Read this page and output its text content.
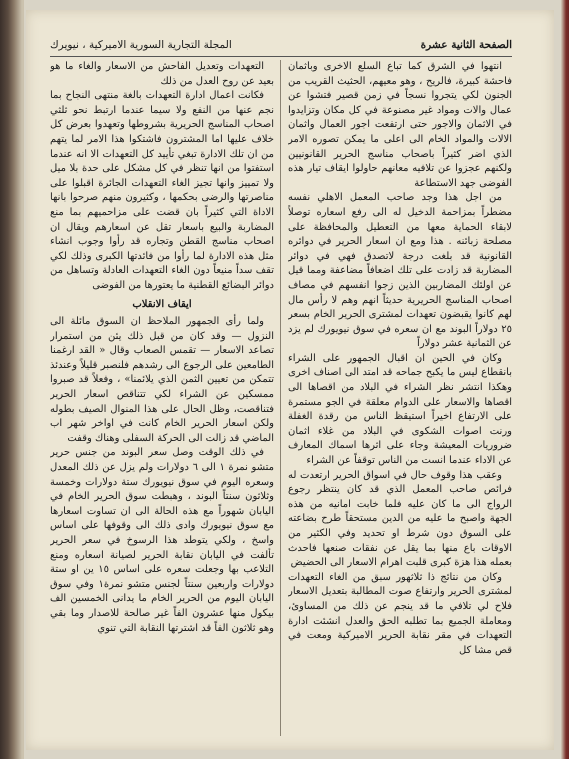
الصفحة الثانية عشرة
المجلة التجارية السورية الاميركية ، نيويرك

انتهوا في الشرق كما تباع السلع الاخرى وباثمان فاحشة كبيرة، فالريح ، وهو معيهم، الحثيث القريب من الجنون لكي يتجروا نسجاً في زمن قصير فتشوا عن عمال والات ومواد غير مصنوعة في كل مكان وتزايدوا في الاثمان والاجور حتى ارتفعت اجور العمال واثمان الالات والمواد الخام الى اعلى ما يمكن تصوره الامر الذي اضر كثيراً باصحاب مناسج الحرير القانونيين ولكنهم عجزوا عن تلافيه معانهم حاولوا ايقاف تيار هذه الفوضى جهد الاستطاعة

من اجل هذا وجد صاحب المعمل الاهلي نفسه مضطراً بمزاحمة الدخيل له الى رفع اسعاره توصلاً لابقاء الحماية معها من التعطيل والمحافظة على مصلحة زبائنه . هذا ومع ان اسعار الحرير في دوائره القانونية قد بلغت درجة لاتصدق فهي في دوائر المضاربة قد زادت على تلك اضعافاً مضاعفة ومما قيل عن اولئك المضاربين الذين زجوا انفسهم في مصاف اصحاب المناسج الحريرية حديثاً انهم وهم لا رأس مال لهم كانوا يقبضون تعهدات لمشترى الحرير الخام بسعر ٢٥ دولاراً البوند مع ان سعره في سوق نيويورك لم يزد عن الثمانية عشر دولاراً

وكان في الحين ان اقبال الجمهور على الشراء بانقطاع ليس ما يكبح جماحه قد امتد الى اصناف اخرى وهكذا انتشر نظر الشراء في البلاد من اقصاها الى اقصاها والاسعار على الدوام معلقة في الجو مستمرة على الارتفاع اخيراً استيقظ الناس من رقدة الغفلة ورنت اصوات الشكوى في البلاد من غلاء اثمان ضروريات المعيشة وجاء على اثرها اسماك المعارف عن الاداء عندما انست من الناس توقفاً عن الشراء

وعقب هذا وقوف حال في اسواق الحرير ارتعدت له فرائص صاحب المعمل الذي قد كان ينتظر رجوع الرواج الى ما كان عليه فلما خابت امانيه من هذه الجهة واصبح ما عليه من الدين مستحقاً طرح بضاعته على السوق دون شرط او تحديد وفي الكثير من الاوقات باع منها بما يقل عن نفقات صنعها فاحدث بعمله هذا هزة كبرى قلبت اهرام الاسعار الى الحضيض

وكان من نتائج ذا ثلاثهور سبق من الغاء التعهدات لمشترى الحرير وارتفاع صوت المطالبة بتعديل الاسعار فلاح لي تلافي ما قد ينجم عن ذلك من المساوئ، ومعاملة الجميع بما تطلبه الحق والعدل انشئت ادارة التعهدات في مقر نقابة الحرير الاميركية ومعت في قص مشا كل

التعهدات وتعديل الفاحش من الاسعار والغاء ما هو بعيد عن روح العدل من ذلك

فكانت اعمال ادارة التعهدات بالغة منتهى النجاح بما نجم عنها من النفع ولا سيما عندما ارتبط نحو ثلثي اصحاب المناسج الحريرية بشروطها وتعهدوا بعرض كل خلاف عليها اما المشترون فاشتكوا هذا الامر لما يتهم من ان تلك الادارة تبغي تأييد كل التعهدات الا انه عندما استفتوا من انها تنظر في كل مشكل على حدة بلا ميل ولا تمييز وانها تجيز الغاء التعهدات الجائرة اقبلوا على مناصرتها والرضى بحكمها ، وكثيرون منهم صرحوا بانها الاداة التي كثيراً بان قضت على مزاحميهم بما منع المضاربة والبيع باسعار تقل عن اسعارهم ويقال ان اصحاب مناسج القطن وتجاره قد رأوا وجوب انشاء مثل هذه الادارة لما رأوا من فائدتها الكبرى وذلك لكي تقف سداً منيعاً دون الغاء التعهدات العادلة وتساهل من دوائر البضائع القطنية ما يعتورها من الفوضى

ايقاف الانقلاب

ولما رأى الجمهور الملاحظ ان السوق مائلة الى النزول — وقد كان من قبل ذلك يئن من استمرار تصاعد الاسعار — تقمس الصعاب وقال « القد ارغمنا الطامعين على الرجوع الى رشدهم فلنصبر قليلاً وعندئذ تتمكن من تعيين الثمن الذي يلائمنا» ، وفعلاً قد صبروا ممسكين عن الشراء لكي تتناقص اسعار الحرير فتناقصت، وظل الحال على هذا المنوال الصيف بطوله ولكن اسعار الحرير الخام كانت في اواخر شهر اب الماضي قد زالت الى الحركة السفلى وهناك وقفت

في ذلك الوقت وصل سعر البوند من جنس حرير متشو نمرة ١ الى ٦ دولارات ولم يزل عن ذلك المعدل وسعره اليوم في سوق نيويورك ستة دولارات وخمسة وثلاثون سنتاً البوند ، وهبطت سوق الحرير الخام في اليابان شهوراً مع هذه الحالة الى ان تساوت اسعارها مع سوق نيويورك وادى ذلك الى وقوفها على اساس واسخ ، ولكي يتوطد هذا الرسوخ في سعر الحرير تألفت في اليابان نقابة الحرير لصيانة اسعاره ومنع التلاعب بها وجعلت سعره على اساس ١٥ ين او ستة دولارات واربعين سنتاً لجنس متشو نمرة١ وفي سوق اليابان اليوم من الحرير الخام ما يدانى الخمسين الف بيكول منها عشرون الفاً غير صالحة للاصدار وما بقي وهو ثلاثون الفاً قد اشترتها النقابة التي تنوي
